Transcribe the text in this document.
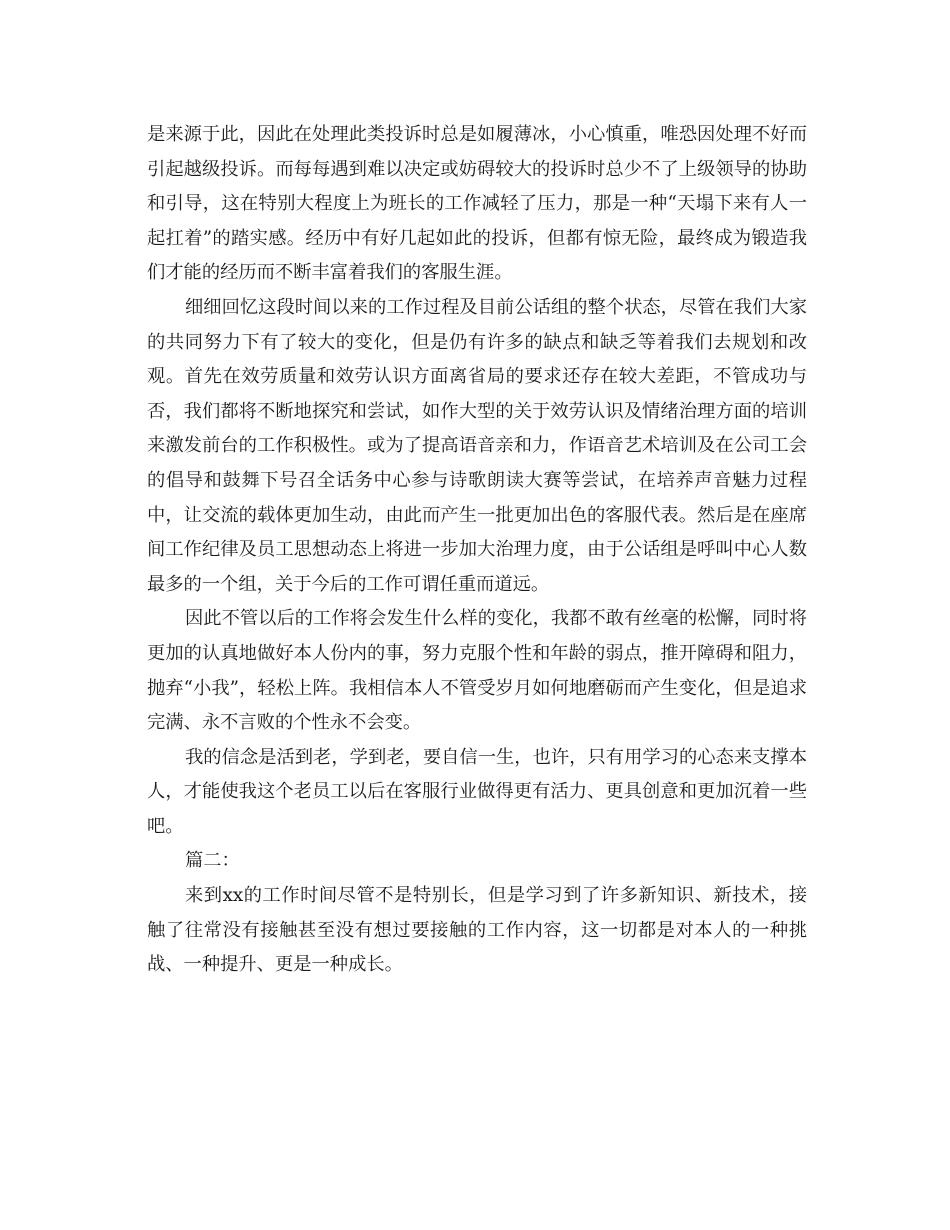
是来源于此，因此在处理此类投诉时总是如履薄冰，小心慎重，唯恐因处理不好而引起越级投诉。而每每遇到难以决定或妨碍较大的投诉时总少不了上级领导的协助和引导，这在特别大程度上为班长的工作减轻了压力，那是一种“天塌下来有人一起扛着”的踏实感。经历中有好几起如此的投诉，但都有惊无险，最终成为锻造我们才能的经历而不断丰富着我们的客服生涯。

细细回忆这段时间以来的工作过程及目前公话组的整个状态，尽管在我们大家的共同努力下有了较大的变化，但是仍有许多的缺点和缺乏等着我们去规划和改观。首先在效劳质量和效劳认识方面离省局的要求还存在较大差距，不管成功与否，我们都将不断地探究和尝试，如作大型的关于效劳认识及情绪治理方面的培训来激发前台的工作积极性。或为了提高语音亲和力，作语音艺术培训及在公司工会的倡导和鼓舞下号召全话务中心参与诗歌朗读大赛等尝试，在培养声音魅力过程中，让交流的载体更加生动，由此而产生一批更加出色的客服代表。然后是在座席间工作纪律及员工思想动态上将进一步加大治理力度，由于公话组是呼叫中心人数最多的一个组，关于今后的工作可谓任重而道远。

因此不管以后的工作将会发生什么样的变化，我都不敢有丝毫的松懈，同时将更加的认真地做好本人份内的事，努力克服个性和年龄的弱点，推开障碍和阻力，抛弃“小我”，轻松上阵。我相信本人不管受岁月如何地磨砺而产生变化，但是追求完满、永不言败的个性永不会变。

我的信念是活到老，学到老，要自信一生，也许，只有用学习的心态来支撑本人，才能使我这个老员工以后在客服行业做得更有活力、更具创意和更加沉着一些吧。

篇二：

来到xx的工作时间尽管不是特别长，但是学习到了许多新知识、新技术，接触了往常没有接触甚至没有想过要接触的工作内容，这一切都是对本人的一种挑战、一种提升、更是一种成长。
